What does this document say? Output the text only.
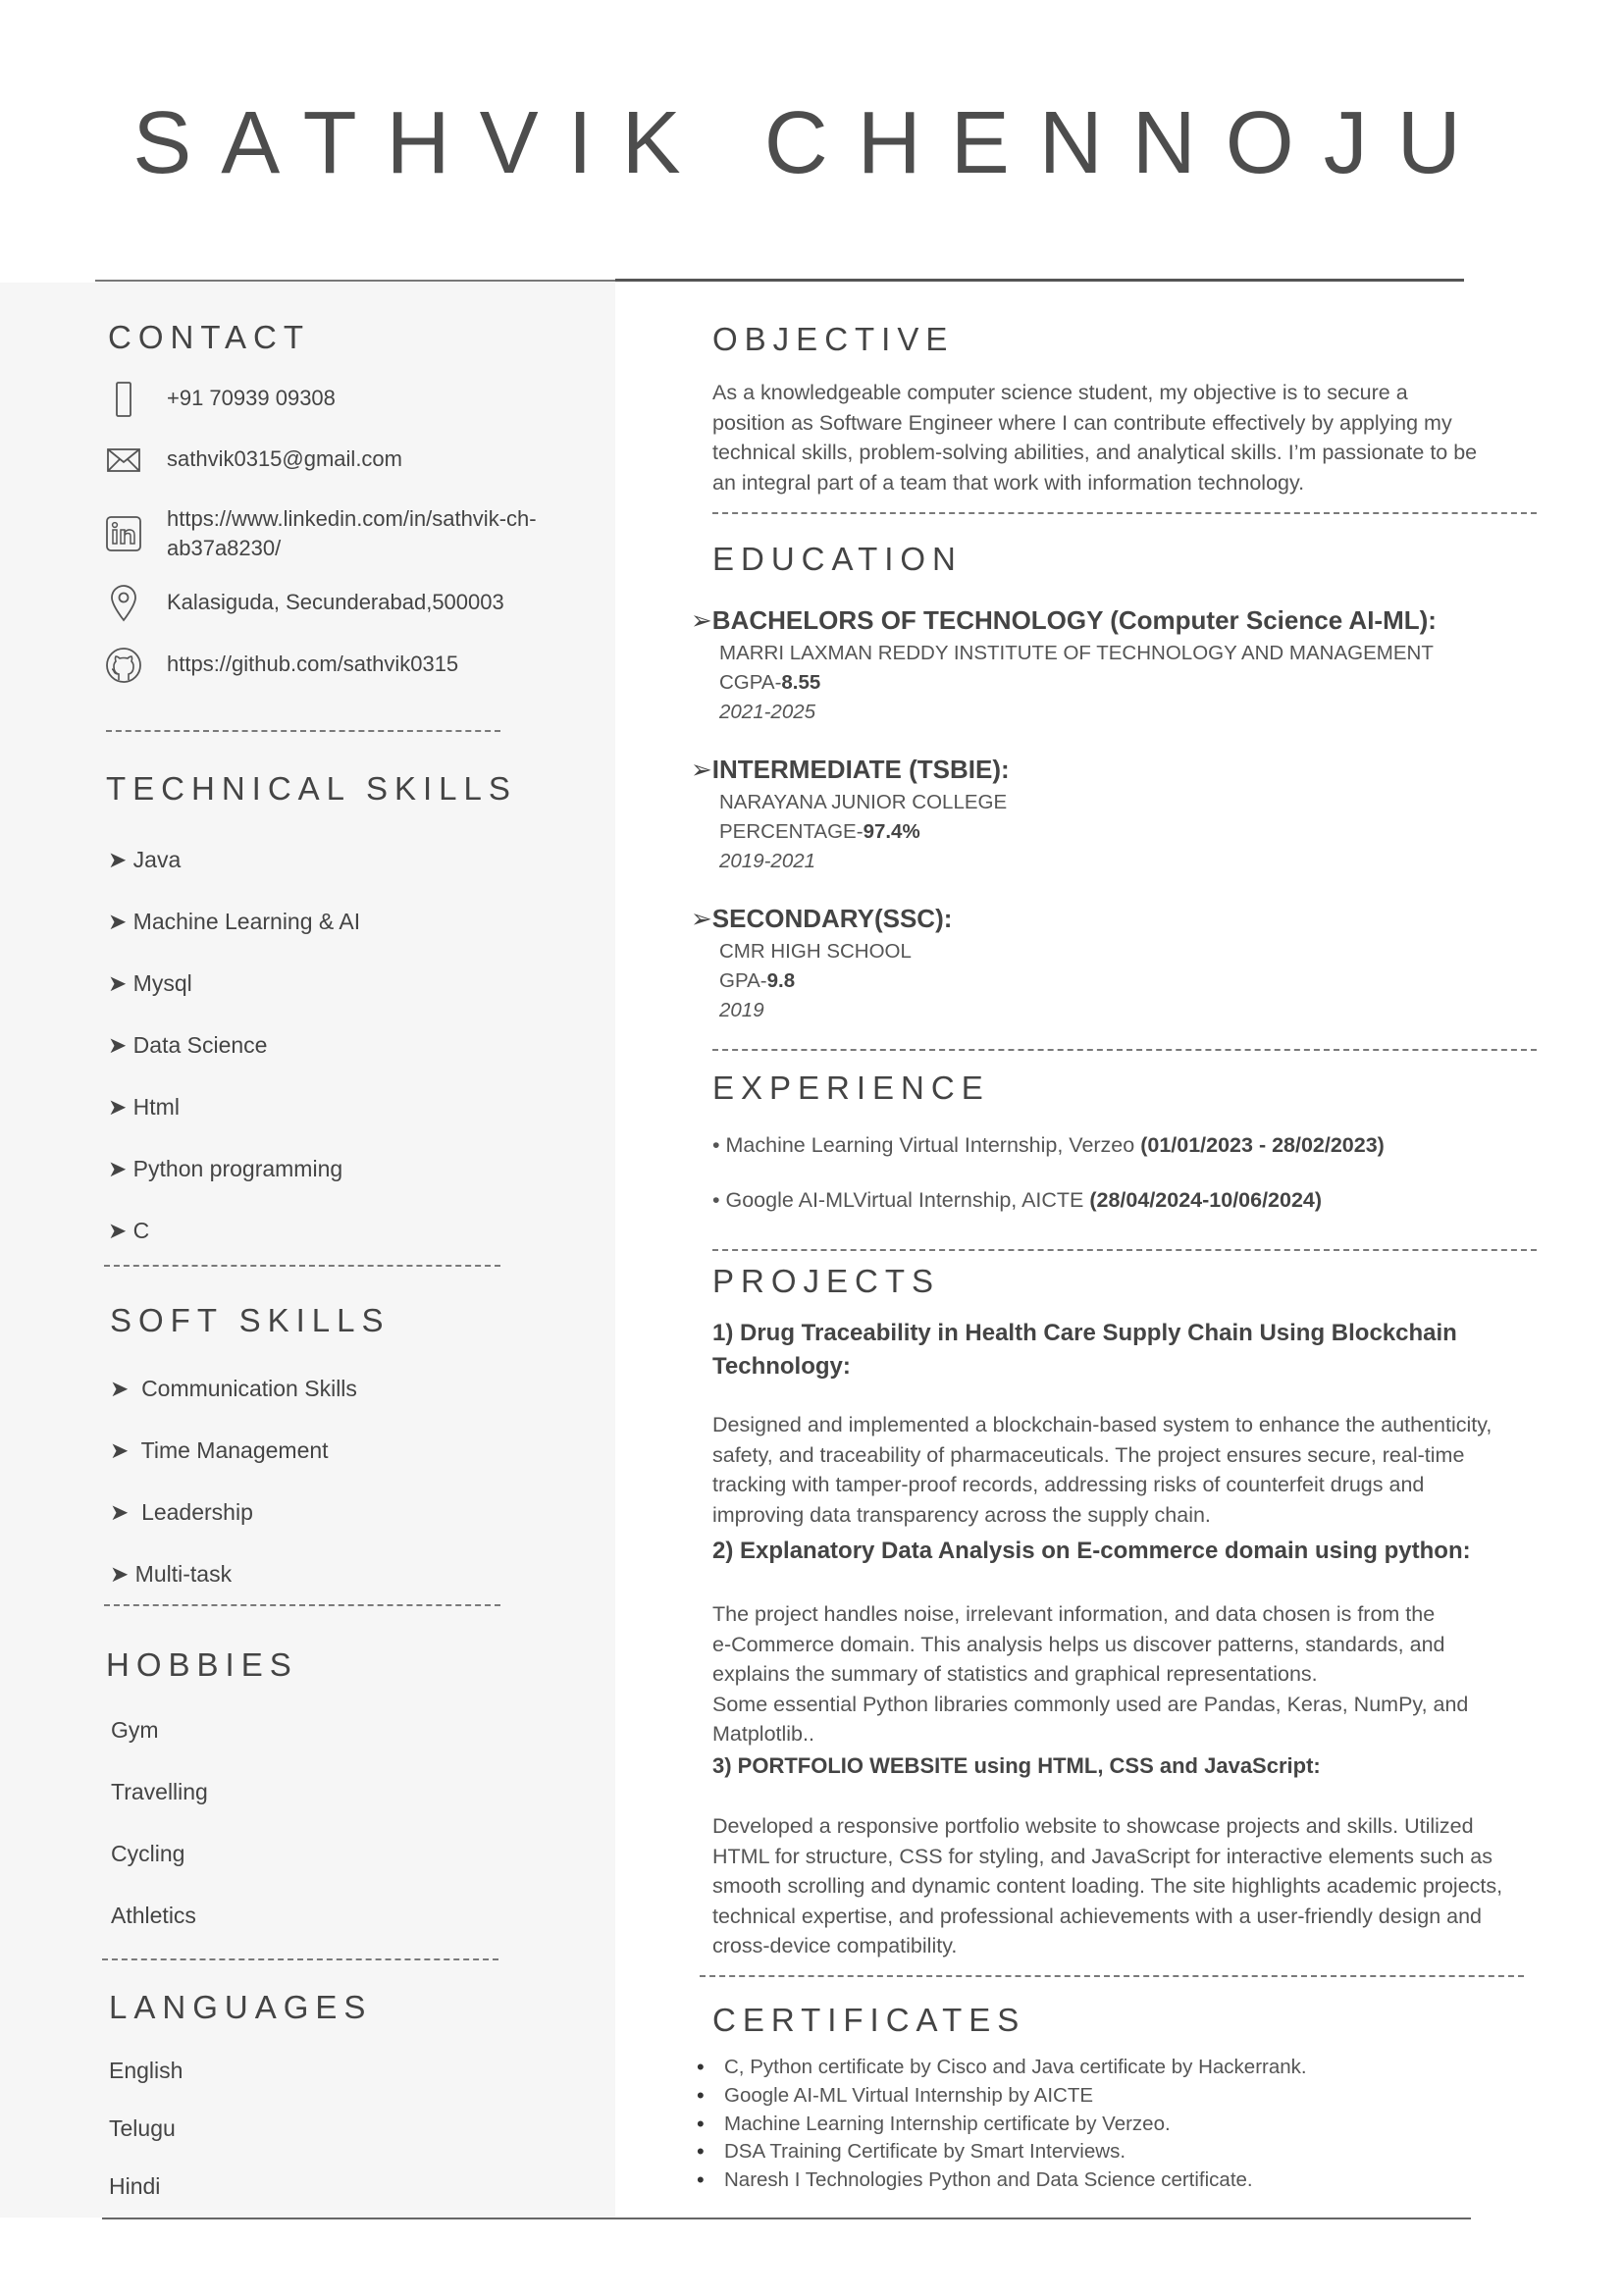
SATHVIK CHENNOJU
CONTACT
+91 70939 09308
sathvik0315@gmail.com
https://www.linkedin.com/in/sathvik-ch-
ab37a8230/
Kalasiguda, Secunderabad,500003
https://github.com/sathvik0315
TECHNICAL SKILLS
➤ Java
➤ Machine Learning & AI
➤ Mysql
➤ Data Science
➤ Html
➤ Python programming
➤ C
SOFT SKILLS
➤ Communication Skills
➤ Time Management
➤ Leadership
➤ Multi-task
HOBBIES
Gym
Travelling
Cycling
Athletics
LANGUAGES
English
Telugu
Hindi
OBJECTIVE
As a knowledgeable computer science student, my objective is to secure a
position as Software Engineer where I can contribute effectively by applying my
technical skills, problem-solving abilities, and analytical skills. I’m passionate to be
an integral part of a team that work with information technology.
EDUCATION
➢BACHELORS OF TECHNOLOGY (Computer Science AI-ML):
MARRI LAXMAN REDDY INSTITUTE OF TECHNOLOGY AND MANAGEMENT
CGPA-8.55
2021-2025
➢INTERMEDIATE (TSBIE):
NARAYANA JUNIOR COLLEGE
PERCENTAGE-97.4%
2019-2021
➢SECONDARY(SSC):
CMR HIGH SCHOOL
GPA-9.8
2019
EXPERIENCE
• Machine Learning Virtual Internship, Verzeo (01/01/2023 - 28/02/2023)
• Google AI-MLVirtual Internship, AICTE (28/04/2024-10/06/2024)
PROJECTS
1) Drug Traceability in Health Care Supply Chain Using Blockchain
Technology:
Designed and implemented a blockchain-based system to enhance the authenticity,
safety, and traceability of pharmaceuticals. The project ensures secure, real-time
tracking with tamper-proof records, addressing risks of counterfeit drugs and
improving data transparency across the supply chain.
2) Explanatory Data Analysis on E-commerce domain using python:
The project handles noise, irrelevant information, and data chosen is from the
e-Commerce domain. This analysis helps us discover patterns, standards, and
explains the summary of statistics and graphical representations.
Some essential Python libraries commonly used are Pandas, Keras, NumPy, and
Matplotlib..
3) PORTFOLIO WEBSITE using HTML, CSS and JavaScript:
Developed a responsive portfolio website to showcase projects and skills. Utilized
HTML for structure, CSS for styling, and JavaScript for interactive elements such as
smooth scrolling and dynamic content loading. The site highlights academic projects,
technical expertise, and professional achievements with a user-friendly design and
cross-device compatibility.
CERTIFICATES
• C, Python certificate by Cisco and Java certificate by Hackerrank.
• Google AI-ML Virtual Internship by AICTE
• Machine Learning Internship certificate by Verzeo.
• DSA Training Certificate by Smart Interviews.
• Naresh I Technologies Python and Data Science certificate.
